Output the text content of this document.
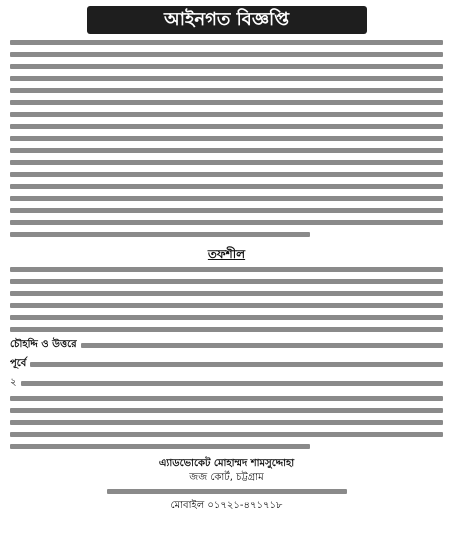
আইনগত বিজ্ঞপ্তি
তফশীল
চৌহদ্দি ও উত্তরে
পূর্বে
২
এ্যাডভোকেট মোহাম্মদ শামসুদ্দোহা
জজ কোর্ট, চট্টগ্রাম
মোবাইল ০১৭২১-৪৭১৭১৮
